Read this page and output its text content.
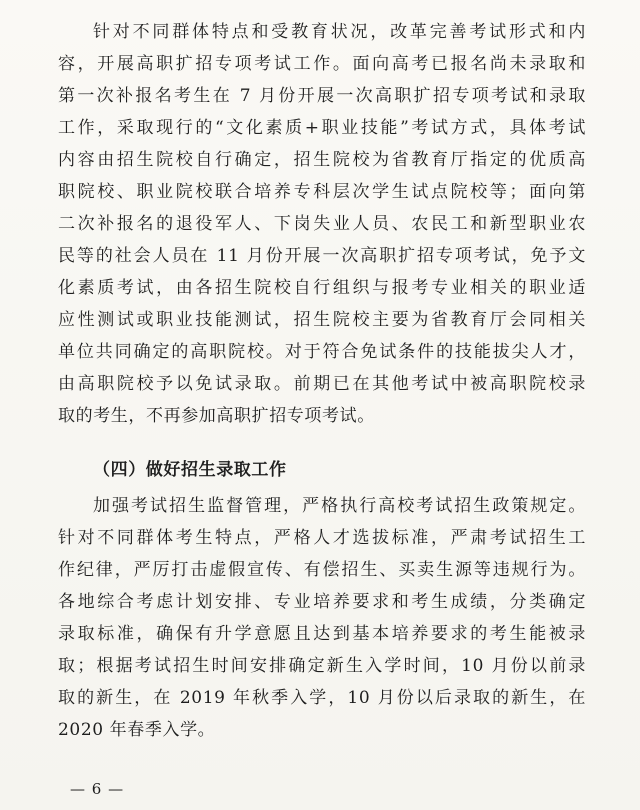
针对不同群体特点和受教育状况，改革完善考试形式和内
容，开展高职扩招专项考试工作。面向高考已报名尚未录取和
第一次补报名考生在 7 月份开展一次高职扩招专项考试和录取
工作，采取现行的“文化素质+职业技能”考试方式，具体考试
内容由招生院校自行确定，招生院校为省教育厅指定的优质高
职院校、职业院校联合培养专科层次学生试点院校等；面向第
二次补报名的退役军人、下岗失业人员、农民工和新型职业农
民等的社会人员在 11 月份开展一次高职扩招专项考试，免予文
化素质考试，由各招生院校自行组织与报考专业相关的职业适
应性测试或职业技能测试，招生院校主要为省教育厅会同相关
单位共同确定的高职院校。对于符合免试条件的技能拔尖人才，
由高职院校予以免试录取。前期已在其他考试中被高职院校录
取的考生，不再参加高职扩招专项考试。
（四）做好招生录取工作
加强考试招生监督管理，严格执行高校考试招生政策规定。
针对不同群体考生特点，严格人才选拔标准，严肃考试招生工
作纪律，严厉打击虚假宣传、有偿招生、买卖生源等违规行为。
各地综合考虑计划安排、专业培养要求和考生成绩，分类确定
录取标准，确保有升学意愿且达到基本培养要求的考生能被录
取；根据考试招生时间安排确定新生入学时间，10 月份以前录
取的新生，在 2019 年秋季入学，10 月份以后录取的新生，在
2020 年春季入学。
— 6 —
